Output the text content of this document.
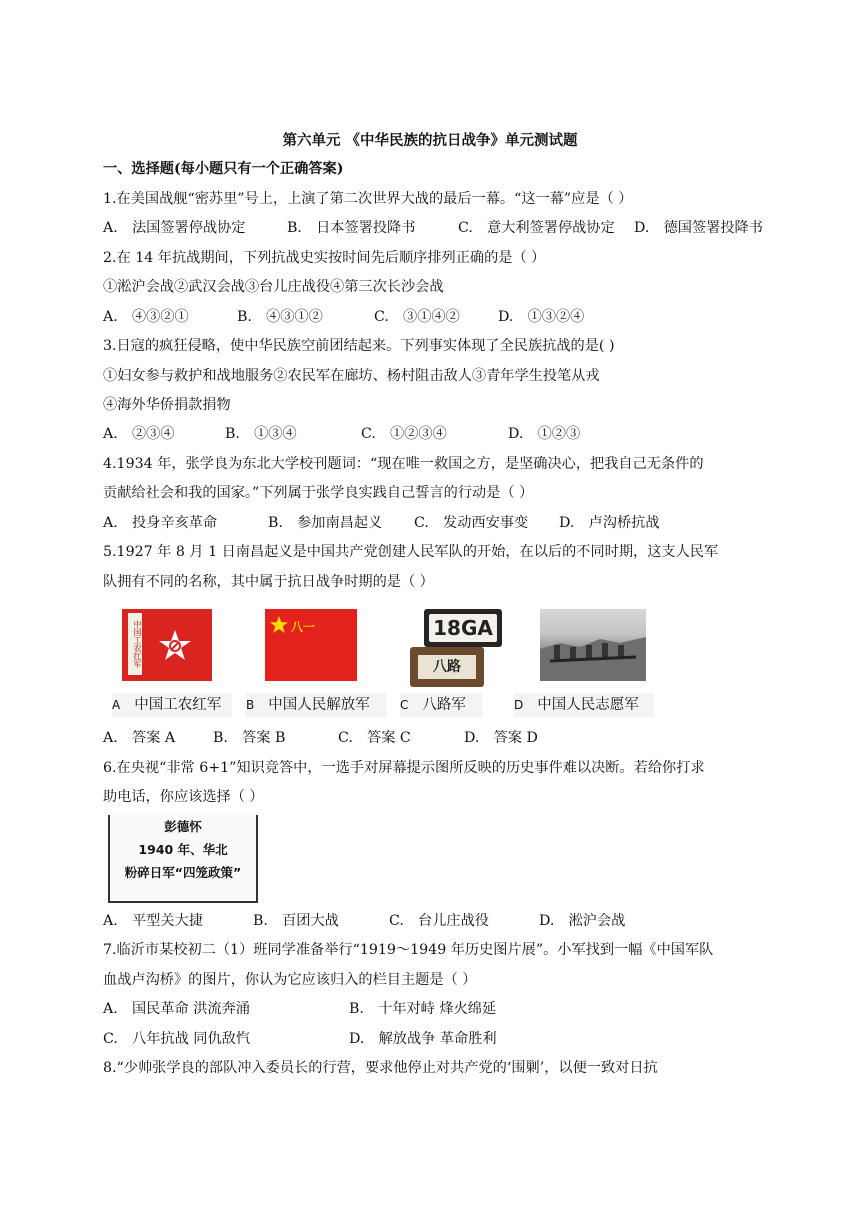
第六单元 《中华民族的抗日战争》单元测试题
一、选择题(每小题只有一个正确答案)
1.在美国战舰“密苏里”号上，上演了第二次世界大战的最后一幕。“这一幕”应是（ ）
A.　法国签署停战协定	B.　日本签署投降书	C.　意大利签署停战协定 D.　德国签署投降书
2.在 14 年抗战期间，下列抗战史实按时间先后顺序排列正确的是（ ）
①淞沪会战②武汉会战③台儿庄战役④第三次长沙会战
A.　④③②①	B.　④③①②	C.　③①④②	D.　①③②④
3.日寇的疯狂侵略，使中华民族空前团结起来。下列事实体现了全民族抗战的是( )
①妇女参与救护和战地服务②农民军在廊坊、杨村阻击敌人③青年学生投笔从戎
④海外华侨捐款捐物
A.　②③④	B.　①③④	C.　①②③④	D.　①②③
4.1934 年，张学良为东北大学校刊题词：“现在唯一救国之方，是坚确决心，把我自己无条件的
贡献给社会和我的国家。”下列属于张学良实践自己誓言的行动是（ ）
A.　投身辛亥革命	B.　参加南昌起义 C.　发动西安事变 D.　卢沟桥抗战
5.1927 年 8 月 1 日南昌起义是中国共产党创建人民军队的开始，在以后的不同时期，这支人民军
队拥有不同的名称，其中属于抗日战争时期的是（ ）
中国工农红军	八一	18GA
八路
A 中国工农红军	B 中国人民解放军	C 八路军	D 中国人民志愿军
A.　答案 A	B.　答案 B	C.　答案 C	D.　答案 D
6.在央视“非常 6+1”知识竞答中，一选手对屏幕提示图所反映的历史事件难以决断。若给你打求
助电话，你应该选择（ ）
彭德怀
1940 年、华北
粉碎日军“四笼政策”
A.　平型关大捷	B.　百团大战	C.　台儿庄战役	D.　淞沪会战
7.临沂市某校初二（1）班同学准备举行“1919～1949 年历史图片展”。小军找到一幅《中国军队
血战卢沟桥》的图片，你认为它应该归入的栏目主题是（ ）
A.　国民革命 洪流奔涌	B.　十年对峙 烽火绵延
C.　八年抗战 同仇敌忾	D.　解放战争 革命胜利
8.“少帅张学良的部队冲入委员长的行营，要求他停止对共产党的‘围剿’，以便一致对日抗
